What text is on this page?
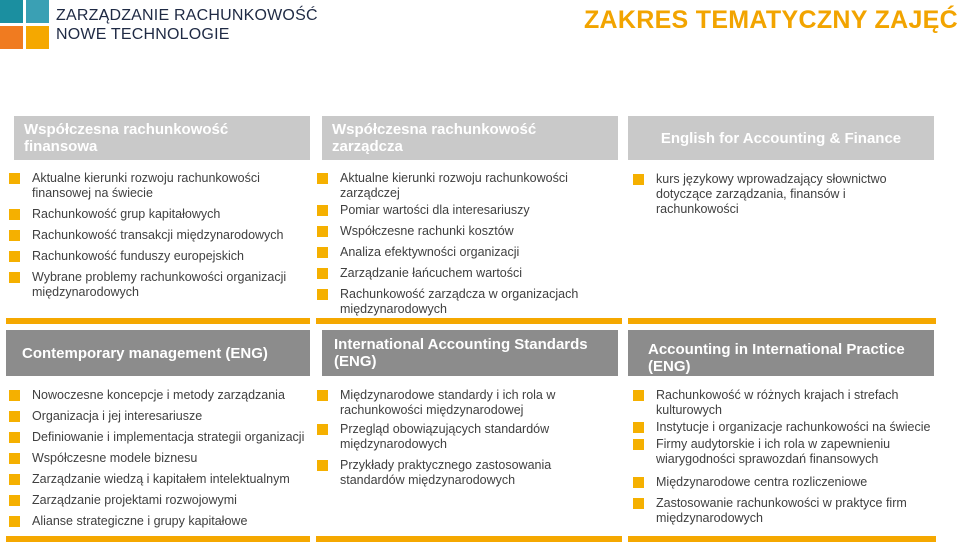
ZARZĄDZANIE RACHUNKOWOŚĆ
NOWE TECHNOLOGIE
ZAKRES TEMATYCZNY ZAJĘĆ
Współczesna rachunkowość finansowa
Współczesna rachunkowość zarządcza	English for Accounting & Finance
Aktualne kierunki rozwoju rachunkowości finansowej na świecie
Rachunkowość grup kapitałowych
Rachunkowość transakcji międzynarodowych
Rachunkowość funduszy europejskich
Wybrane problemy rachunkowości organizacji międzynarodowych
Aktualne kierunki rozwoju rachunkowości zarządczej
Pomiar wartości dla interesariuszy
Współczesne rachunki kosztów
Analiza efektywności organizacji
Zarządzanie łańcuchem wartości
Rachunkowość zarządcza w organizacjach międzynarodowych
kurs językowy wprowadzający słownictwo dotyczące zarządzania, finansów i rachunkowości
Contemporary management (ENG)	International Accounting Standards (ENG)
Accounting in International Practice (ENG)
Nowoczesne koncepcje i metody zarządzania
Organizacja i jej interesariusze
Definiowanie i implementacja strategii organizacji
Współczesne modele biznesu
Zarządzanie wiedzą i kapitałem intelektualnym
Zarządzanie projektami rozwojowymi
Alianse strategiczne i grupy kapitałowe
Międzynarodowe standardy i ich rola w rachunkowości międzynarodowej
Przegląd obowiązujących standardów międzynarodowych
Przykłady praktycznego zastosowania standardów międzynarodowych
Rachunkowość w różnych krajach i strefach kulturowych
Instytucje i organizacje rachunkowości na świecie
Firmy audytorskie i ich rola w zapewnieniu wiarygodności sprawozdań finansowych
Międzynarodowe centra rozliczeniowe
Zastosowanie rachunkowości w praktyce firm międzynarodowych
